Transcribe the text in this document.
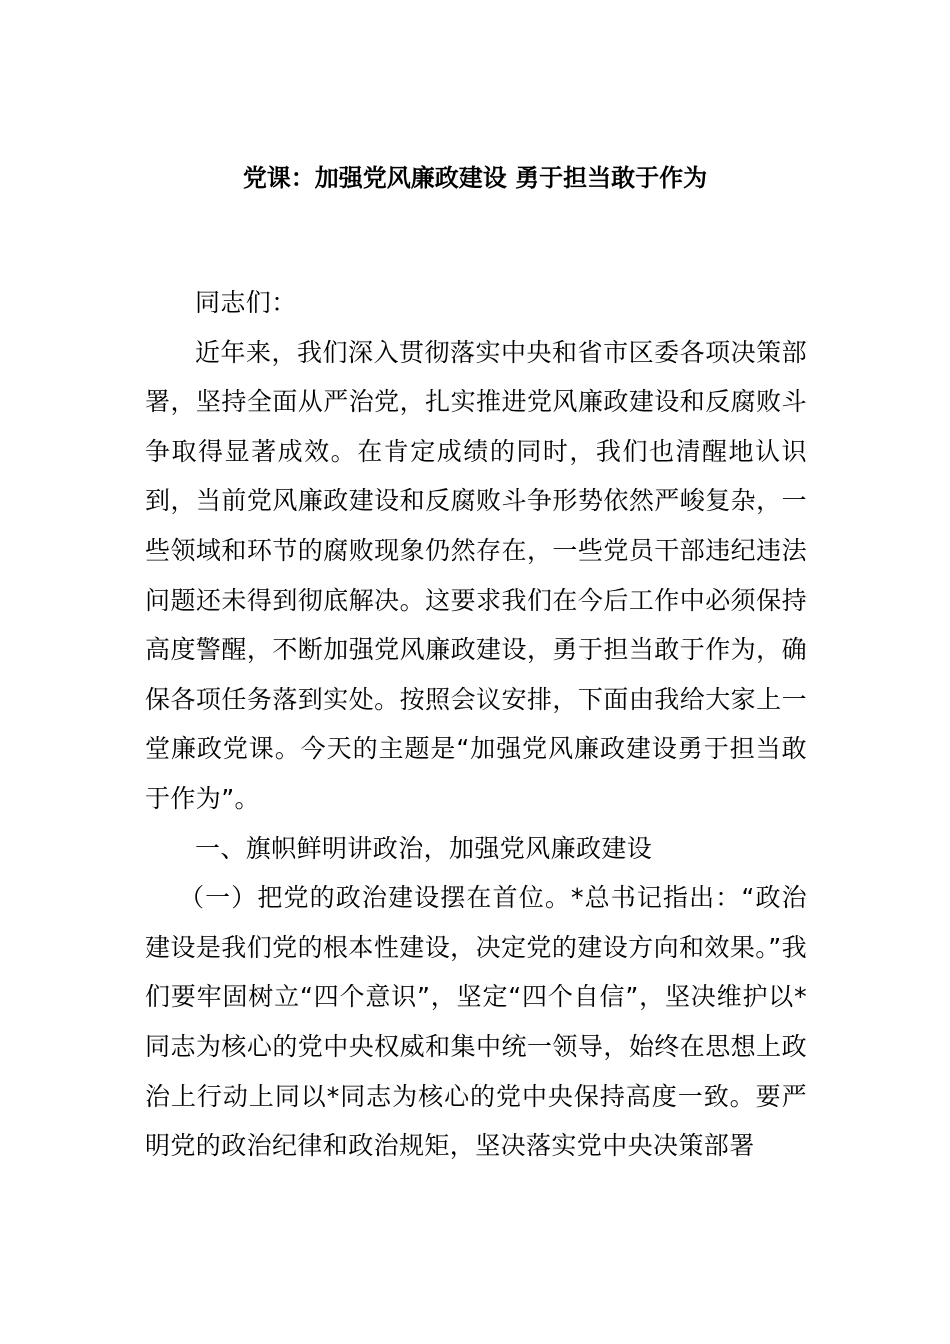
党课：加强党风廉政建设 勇于担当敢于作为

同志们：

近年来，我们深入贯彻落实中央和省市区委各项决策部署，坚持全面从严治党，扎实推进党风廉政建设和反腐败斗争取得显著成效。在肯定成绩的同时，我们也清醒地认识到，当前党风廉政建设和反腐败斗争形势依然严峻复杂，一些领域和环节的腐败现象仍然存在，一些党员干部违纪违法问题还未得到彻底解决。这要求我们在今后工作中必须保持高度警醒，不断加强党风廉政建设，勇于担当敢于作为，确保各项任务落到实处。按照会议安排，下面由我给大家上一堂廉政党课。今天的主题是“加强党风廉政建设勇于担当敢于作为”。

一、旗帜鲜明讲政治，加强党风廉政建设

（一）把党的政治建设摆在首位。*总书记指出：“政治建设是我们党的根本性建设，决定党的建设方向和效果。”我们要牢固树立“四个意识”，坚定“四个自信”，坚决维护以*同志为核心的党中央权威和集中统一领导，始终在思想上政治上行动上同以*同志为核心的党中央保持高度一致。要严明党的政治纪律和政治规矩，坚决落实党中央决策部署
